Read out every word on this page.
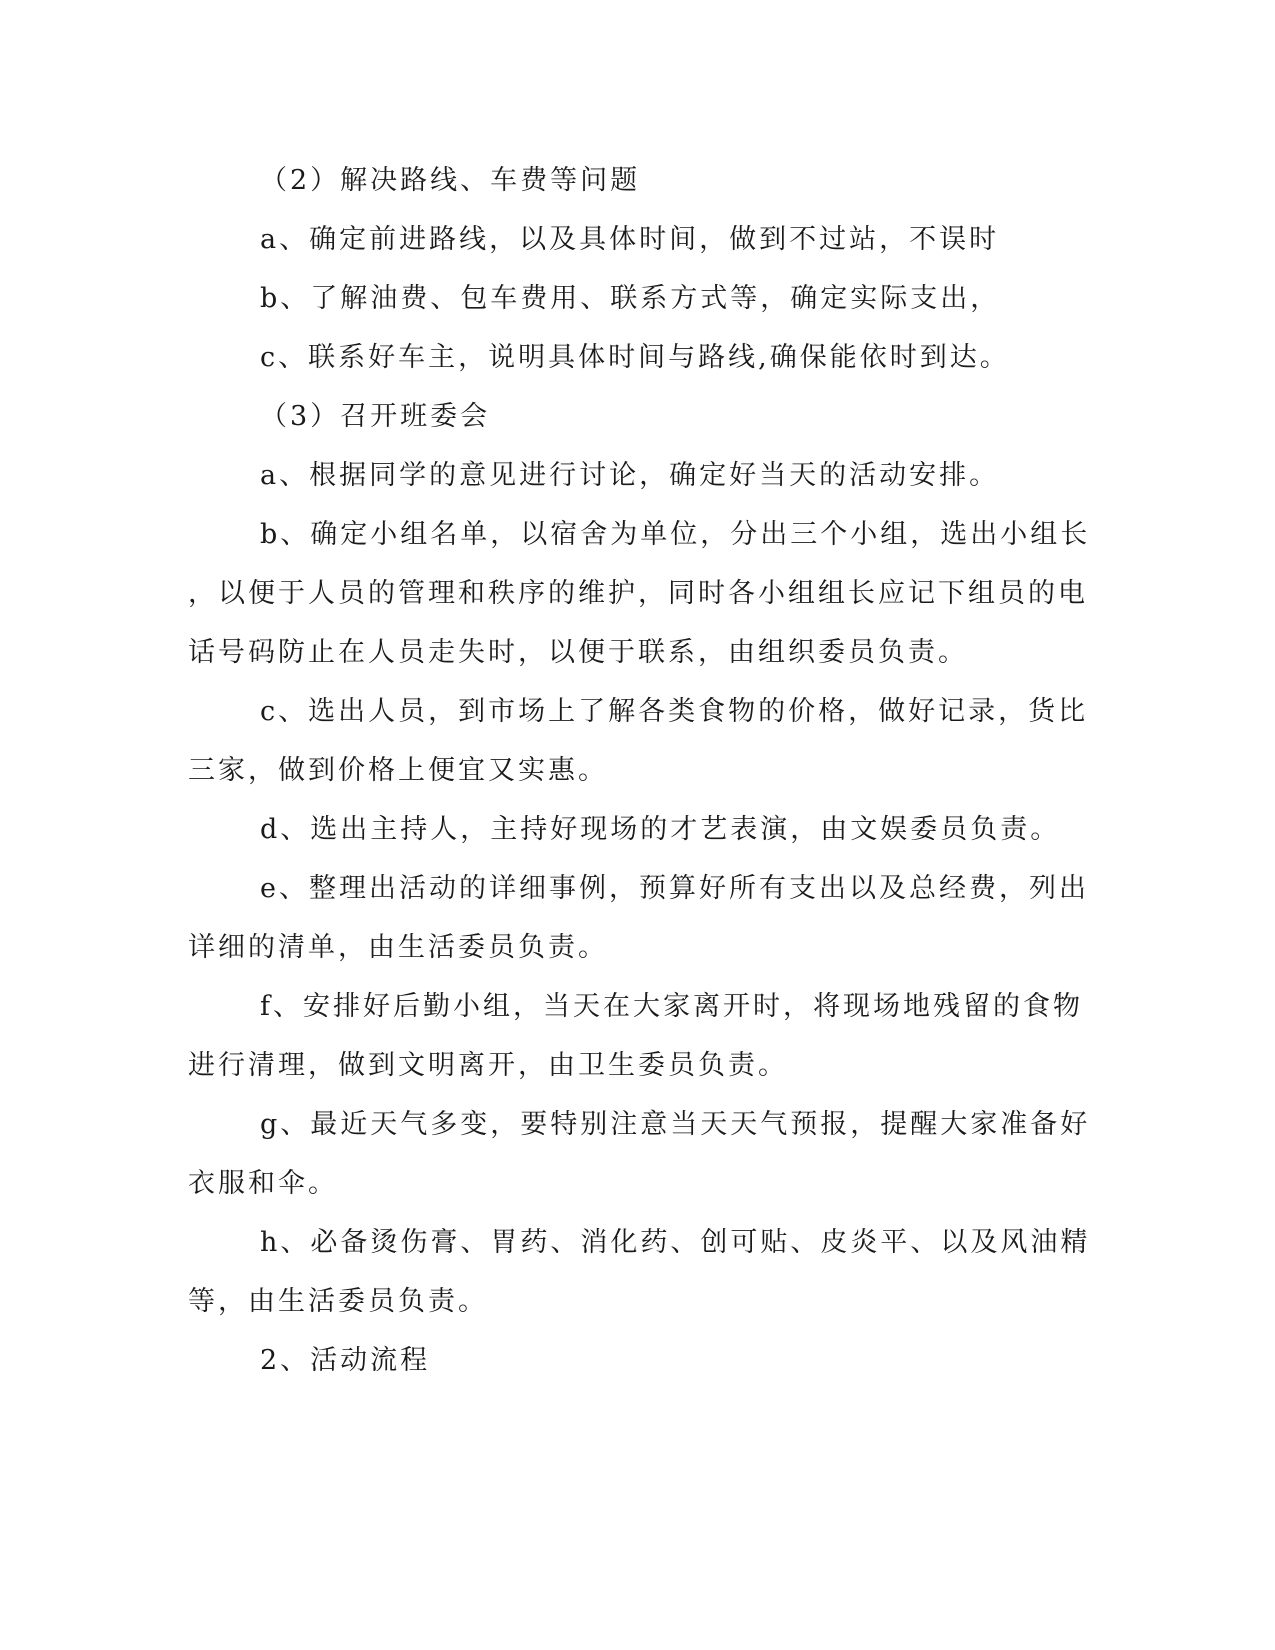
（2）解决路线、车费等问题

a、确定前进路线，以及具体时间，做到不过站，不误时

b、了解油费、包车费用、联系方式等，确定实际支出，

c、联系好车主，说明具体时间与路线,确保能依时到达。

（3）召开班委会

a、根据同学的意见进行讨论，确定好当天的活动安排。

b、确定小组名单，以宿舍为单位，分出三个小组，选出小组长

，以便于人员的管理和秩序的维护，同时各小组组长应记下组员的电

话号码防止在人员走失时，以便于联系，由组织委员负责。

c、选出人员，到市场上了解各类食物的价格，做好记录，货比

三家，做到价格上便宜又实惠。

d、选出主持人，主持好现场的才艺表演，由文娱委员负责。

e、整理出活动的详细事例，预算好所有支出以及总经费，列出

详细的清单，由生活委员负责。

f、安排好后勤小组，当天在大家离开时，将现场地残留的食物

进行清理，做到文明离开，由卫生委员负责。

g、最近天气多变，要特别注意当天天气预报，提醒大家准备好

衣服和伞。

h、必备烫伤膏、胃药、消化药、创可贴、皮炎平、以及风油精

等，由生活委员负责。

2、活动流程
